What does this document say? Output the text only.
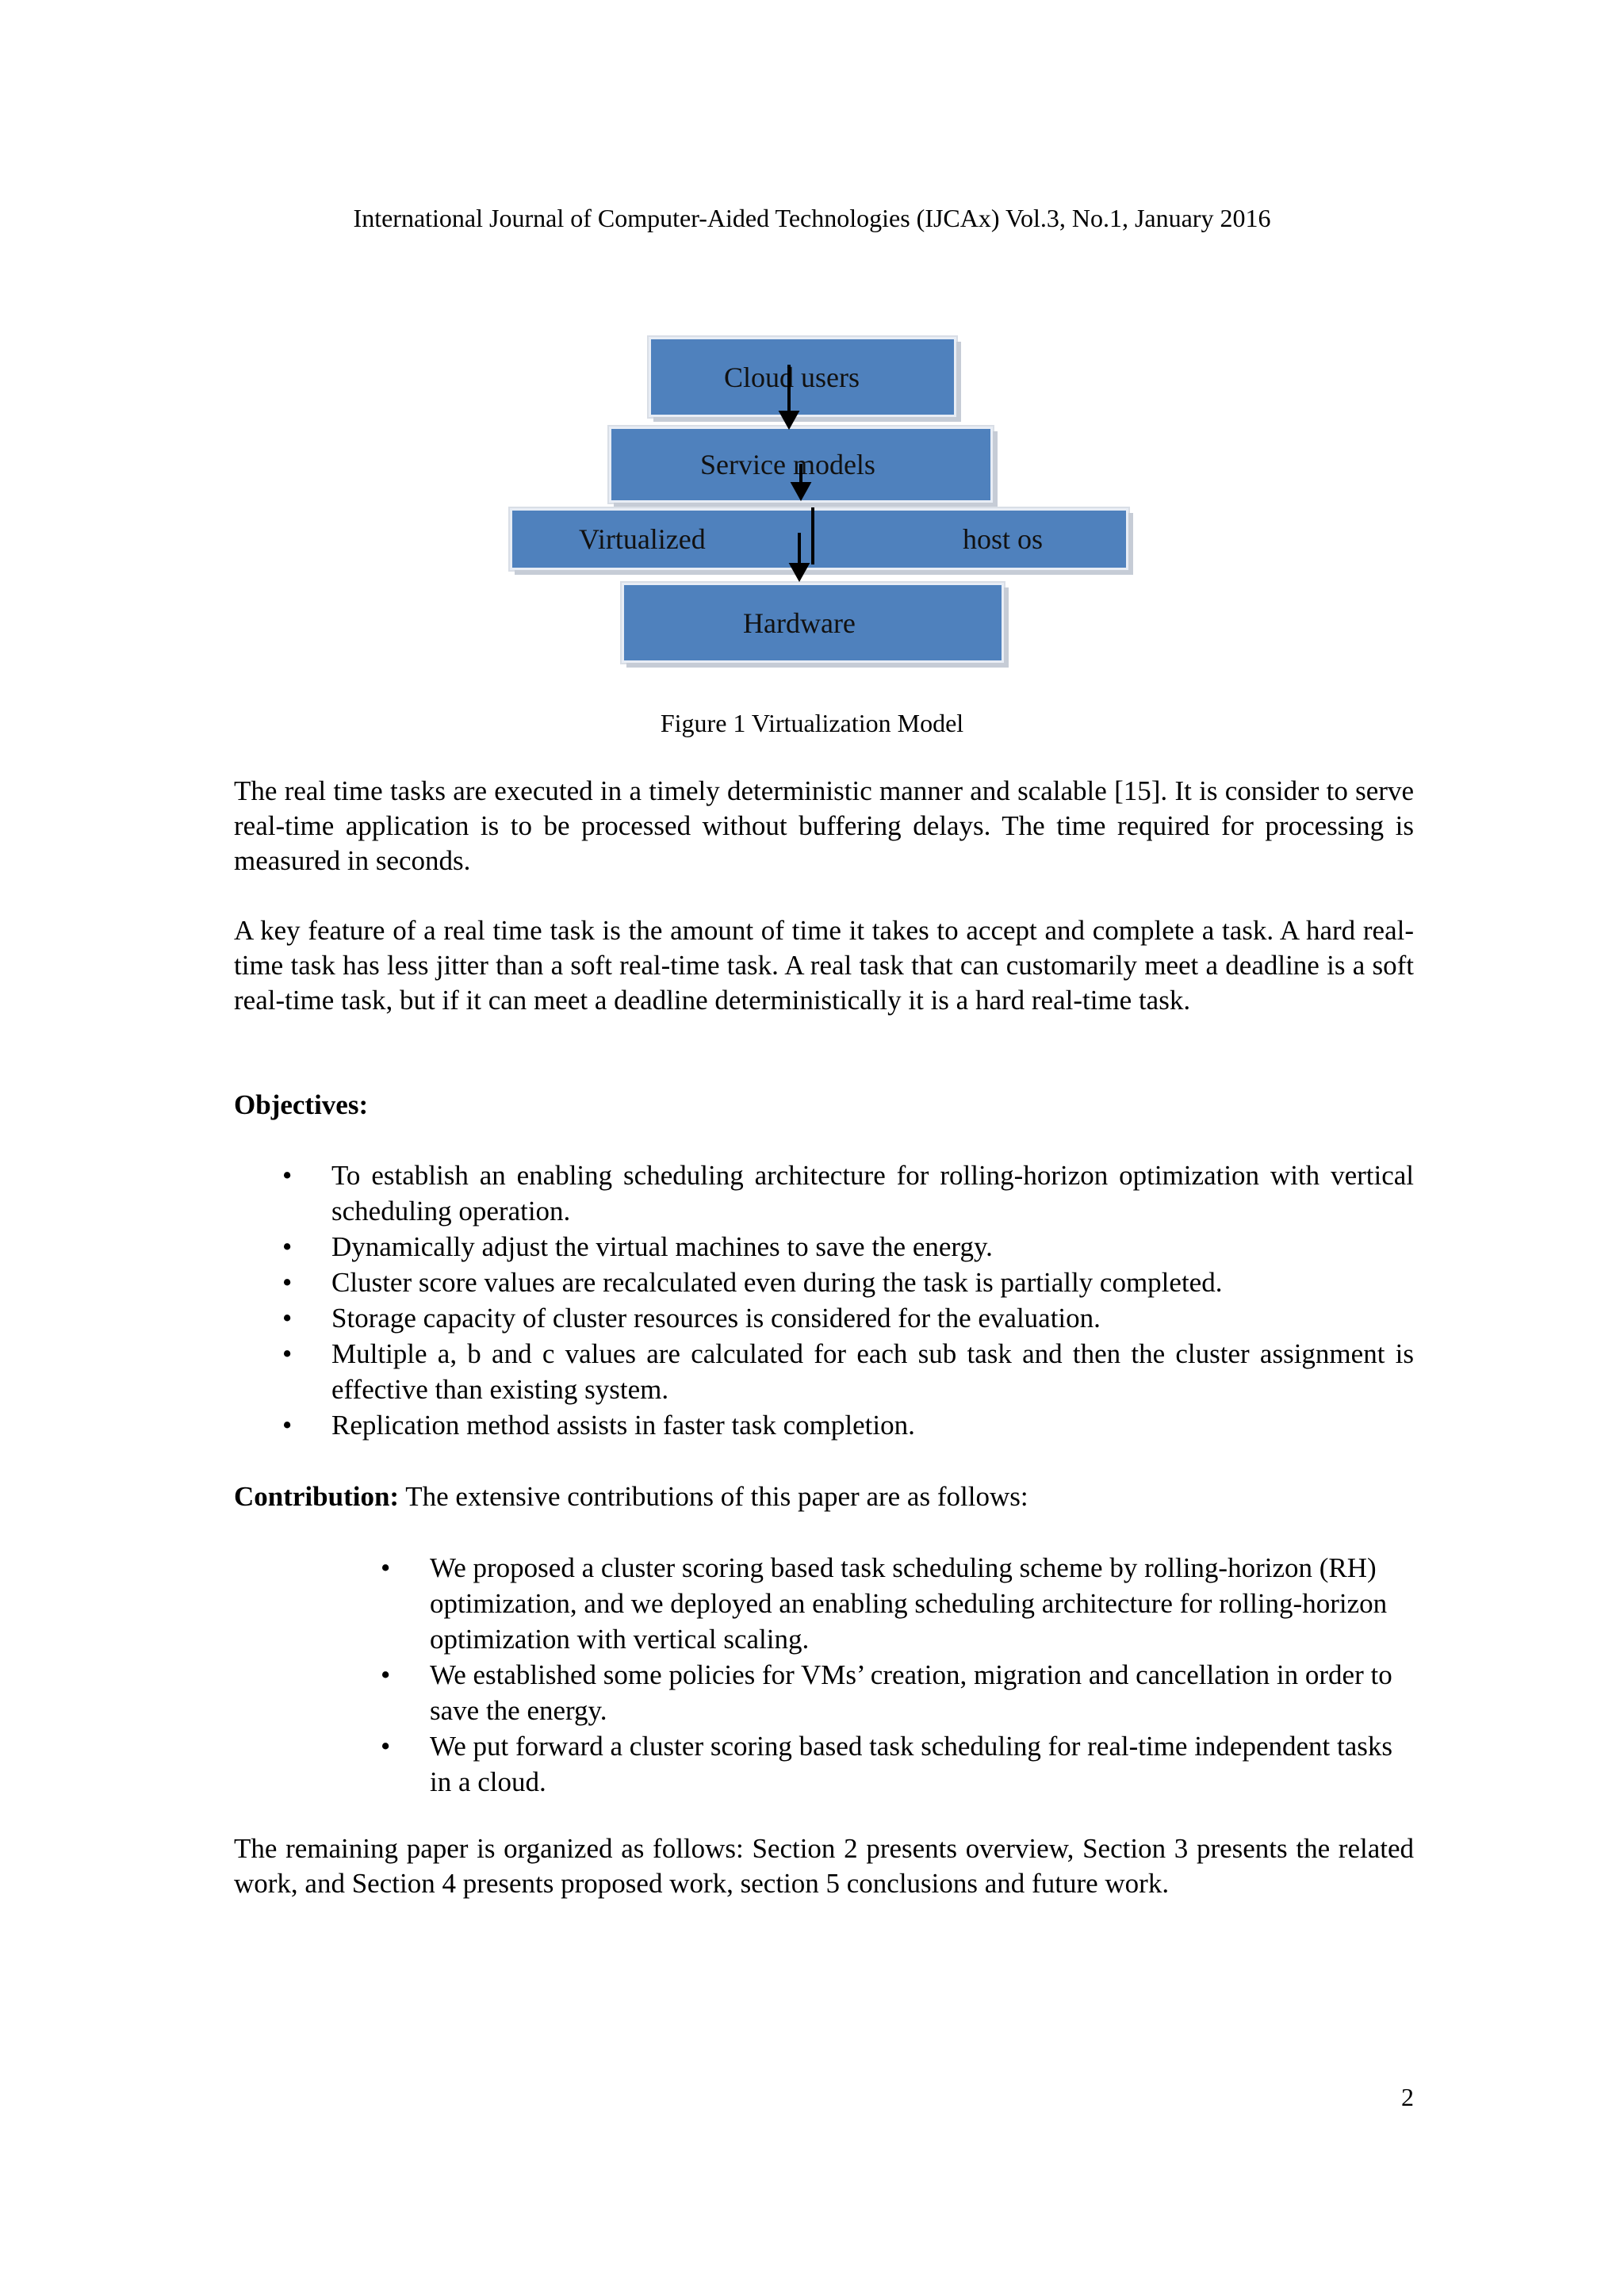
International Journal of Computer-Aided Technologies (IJCAx) Vol.3, No.1, January 2016
Cloud users
Service models
Virtualized	host os
Hardware
Figure 1 Virtualization Model

The real time tasks are executed in a timely deterministic manner and scalable [15]. It is consider to serve real-time application is to be processed without buffering delays. The time required for processing is measured in seconds.

A key feature of a real time task is the amount of time it takes to accept and complete a task. A hard real-time task has less jitter than a soft real-time task. A real task that can customarily meet a deadline is a soft real-time task, but if it can meet a deadline deterministically it is a hard real-time task.

Objectives:
• To establish an enabling scheduling architecture for rolling-horizon optimization with vertical scheduling operation.
• Dynamically adjust the virtual machines to save the energy.
• Cluster score values are recalculated even during the task is partially completed.
• Storage capacity of cluster resources is considered for the evaluation.
• Multiple a, b and c values are calculated for each sub task and then the cluster assignment is effective than existing system.
• Replication method assists in faster task completion.
Contribution: The extensive contributions of this paper are as follows:
• We proposed a cluster scoring based task scheduling scheme by rolling-horizon (RH) optimization, and we deployed an enabling scheduling architecture for rolling-horizon optimization with vertical scaling.
• We established some policies for VMs’ creation, migration and cancellation in order to save the energy.
• We put forward a cluster scoring based task scheduling for real-time independent tasks in a cloud.

The remaining paper is organized as follows: Section 2 presents overview, Section 3 presents the related work, and Section 4 presents proposed work, section 5 conclusions and future work.

2
